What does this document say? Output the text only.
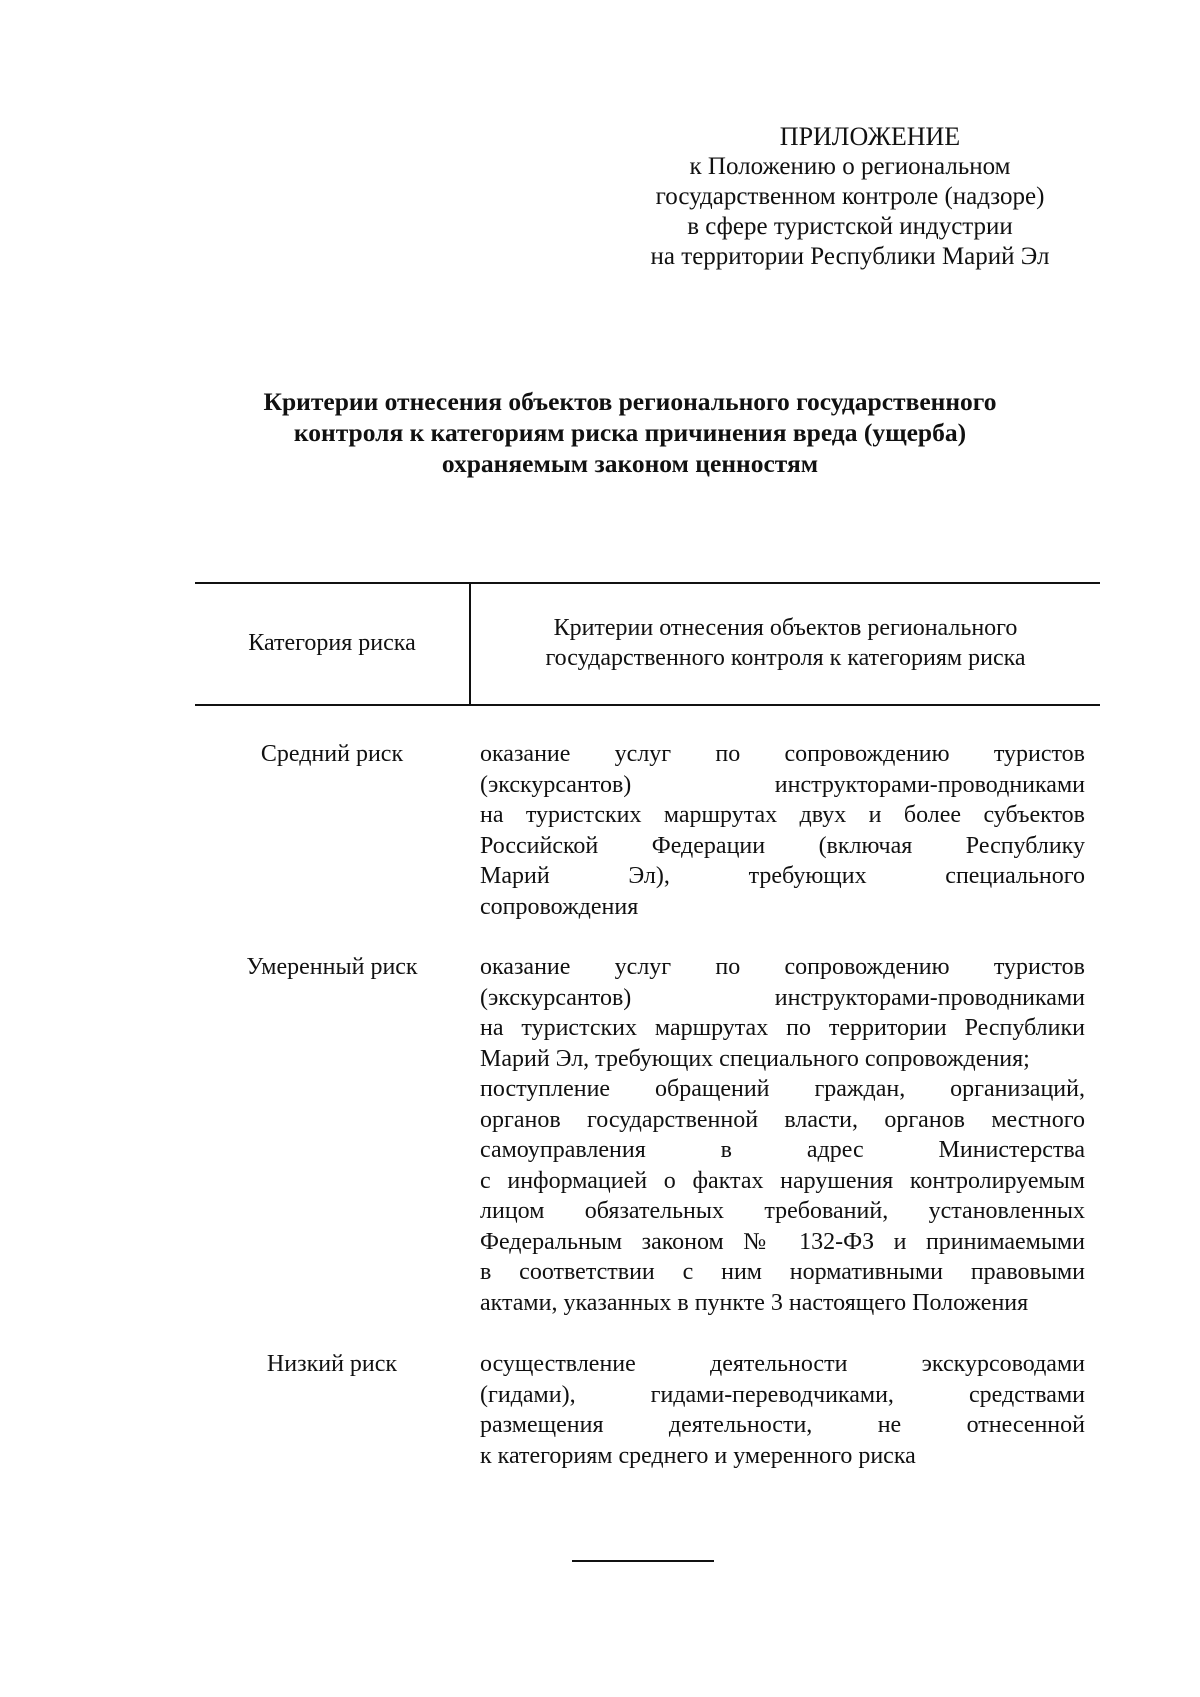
ПРИЛОЖЕНИЕ
к Положению о региональном
государственном контроле (надзоре)
в сфере туристской индустрии
на территории Республики Марий Эл
Критерии отнесения объектов регионального государственного
контроля к категориям риска причинения вреда (ущерба)
охраняемым законом ценностям
Категория риска
Критерии отнесения объектов регионального
государственного контроля к категориям риска
Средний риск	оказание услуг по сопровождению туристов
(экскурсантов) инструкторами-проводниками
на туристских маршрутах двух и более субъектов
Российской Федерации (включая Республику
Марий Эл), требующих специального
сопровождения
Умеренный риск	оказание услуг по сопровождению туристов
(экскурсантов) инструкторами-проводниками
на туристских маршрутах по территории Республики
Марий Эл, требующих специального сопровождения;
поступление обращений граждан, организаций,
органов государственной власти, органов местного
самоуправления в адрес Министерства
с информацией о фактах нарушения контролируемым
лицом обязательных требований, установленных
Федеральным законом № 132-ФЗ и принимаемыми
в соответствии с ним нормативными правовыми
актами, указанных в пункте 3 настоящего Положения
Низкий риск	осуществление деятельности экскурсоводами
(гидами), гидами-переводчиками, средствами
размещения деятельности, не отнесенной
к категориям среднего и умеренного риска
